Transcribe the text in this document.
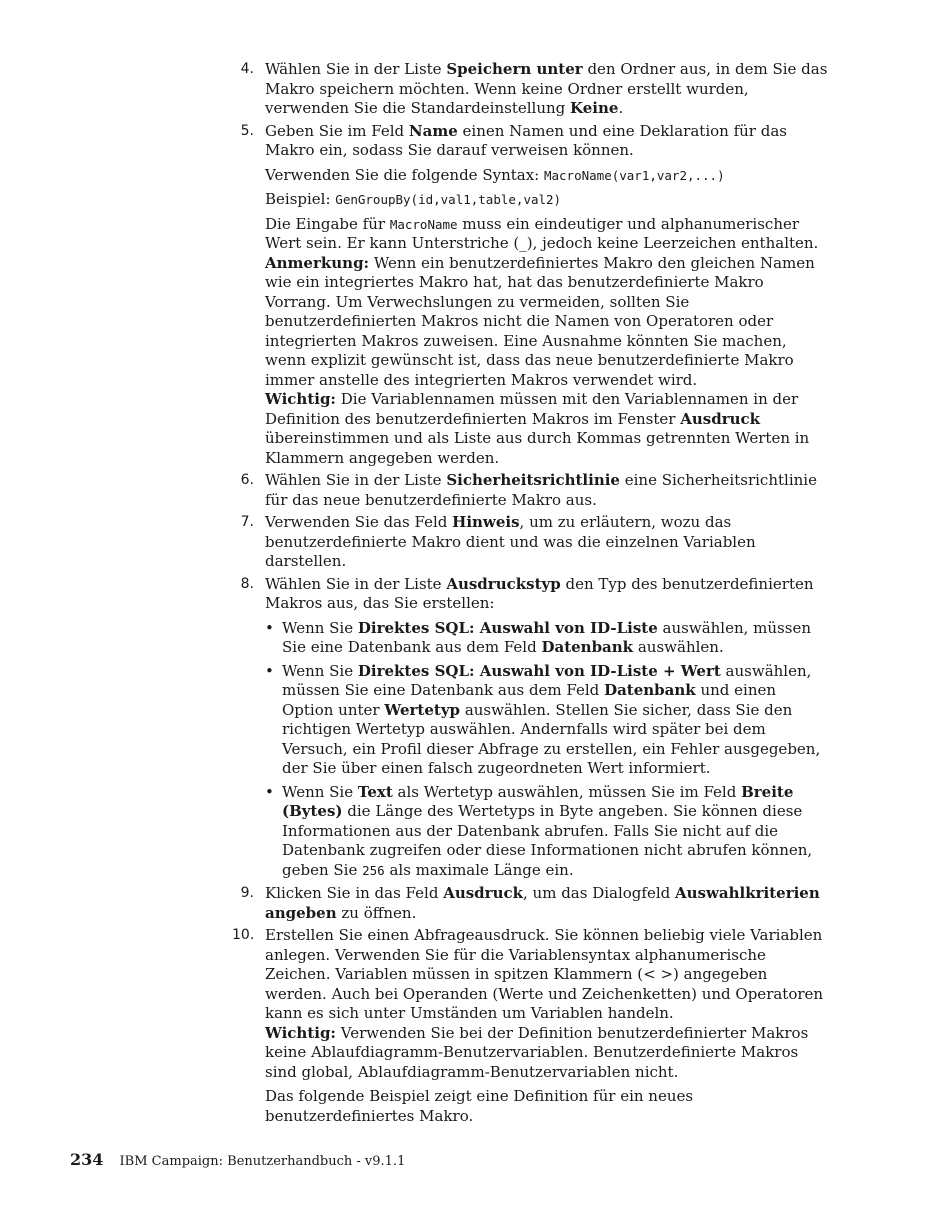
4. Wählen Sie in der Liste Speichern unter den Ordner aus, in dem Sie das Makro speichern möchten. Wenn keine Ordner erstellt wurden, verwenden Sie die Standardeinstellung Keine.

5. Geben Sie im Feld Name einen Namen und eine Deklaration für das Makro ein, sodass Sie darauf verweisen können.

Verwenden Sie die folgende Syntax: MacroName(var1,var2,...)

Beispiel: GenGroupBy(id,val1,table,val2)

Die Eingabe für MacroName muss ein eindeutiger und alphanumerischer Wert sein. Er kann Unterstriche (_), jedoch keine Leerzeichen enthalten.

Anmerkung: Wenn ein benutzerdefiniertes Makro den gleichen Namen wie ein integriertes Makro hat, hat das benutzerdefinierte Makro Vorrang. Um Verwechslungen zu vermeiden, sollten Sie benutzerdefinierten Makros nicht die Namen von Operatoren oder integrierten Makros zuweisen. Eine Ausnahme könnten Sie machen, wenn explizit gewünscht ist, dass das neue benutzerdefinierte Makro immer anstelle des integrierten Makros verwendet wird.

Wichtig: Die Variablennamen müssen mit den Variablennamen in der Definition des benutzerdefinierten Makros im Fenster Ausdruck übereinstimmen und als Liste aus durch Kommas getrennten Werten in Klammern angegeben werden.

6. Wählen Sie in der Liste Sicherheitsrichtlinie eine Sicherheitsrichtlinie für das neue benutzerdefinierte Makro aus.

7. Verwenden Sie das Feld Hinweis, um zu erläutern, wozu das benutzerdefinierte Makro dient und was die einzelnen Variablen darstellen.

8. Wählen Sie in der Liste Ausdruckstyp den Typ des benutzerdefinierten Makros aus, das Sie erstellen:

• Wenn Sie Direktes SQL: Auswahl von ID-Liste auswählen, müssen Sie eine Datenbank aus dem Feld Datenbank auswählen.
• Wenn Sie Direktes SQL: Auswahl von ID-Liste + Wert auswählen, müssen Sie eine Datenbank aus dem Feld Datenbank und einen Option unter Wertetyp auswählen. Stellen Sie sicher, dass Sie den richtigen Wertetyp auswählen. Andernfalls wird später bei dem Versuch, ein Profil dieser Abfrage zu erstellen, ein Fehler ausgegeben, der Sie über einen falsch zugeordneten Wert informiert.
• Wenn Sie Text als Wertetyp auswählen, müssen Sie im Feld Breite (Bytes) die Länge des Wertetyps in Byte angeben. Sie können diese Informationen aus der Datenbank abrufen. Falls Sie nicht auf die Datenbank zugreifen oder diese Informationen nicht abrufen können, geben Sie 256 als maximale Länge ein.
9. Klicken Sie in das Feld Ausdruck, um das Dialogfeld Auswahlkriterien angeben zu öffnen.

10. Erstellen Sie einen Abfrageausdruck. Sie können beliebig viele Variablen anlegen. Verwenden Sie für die Variablensyntax alphanumerische Zeichen. Variablen müssen in spitzen Klammern (< >) angegeben werden. Auch bei Operanden (Werte und Zeichenketten) und Operatoren kann es sich unter Umständen um Variablen handeln.

Wichtig: Verwenden Sie bei der Definition benutzerdefinierter Makros keine Ablaufdiagramm-Benutzervariablen. Benutzerdefinierte Makros sind global, Ablaufdiagramm-Benutzervariablen nicht.

Das folgende Beispiel zeigt eine Definition für ein neues benutzerdefiniertes Makro.

234 IBM Campaign: Benutzerhandbuch - v9.1.1
